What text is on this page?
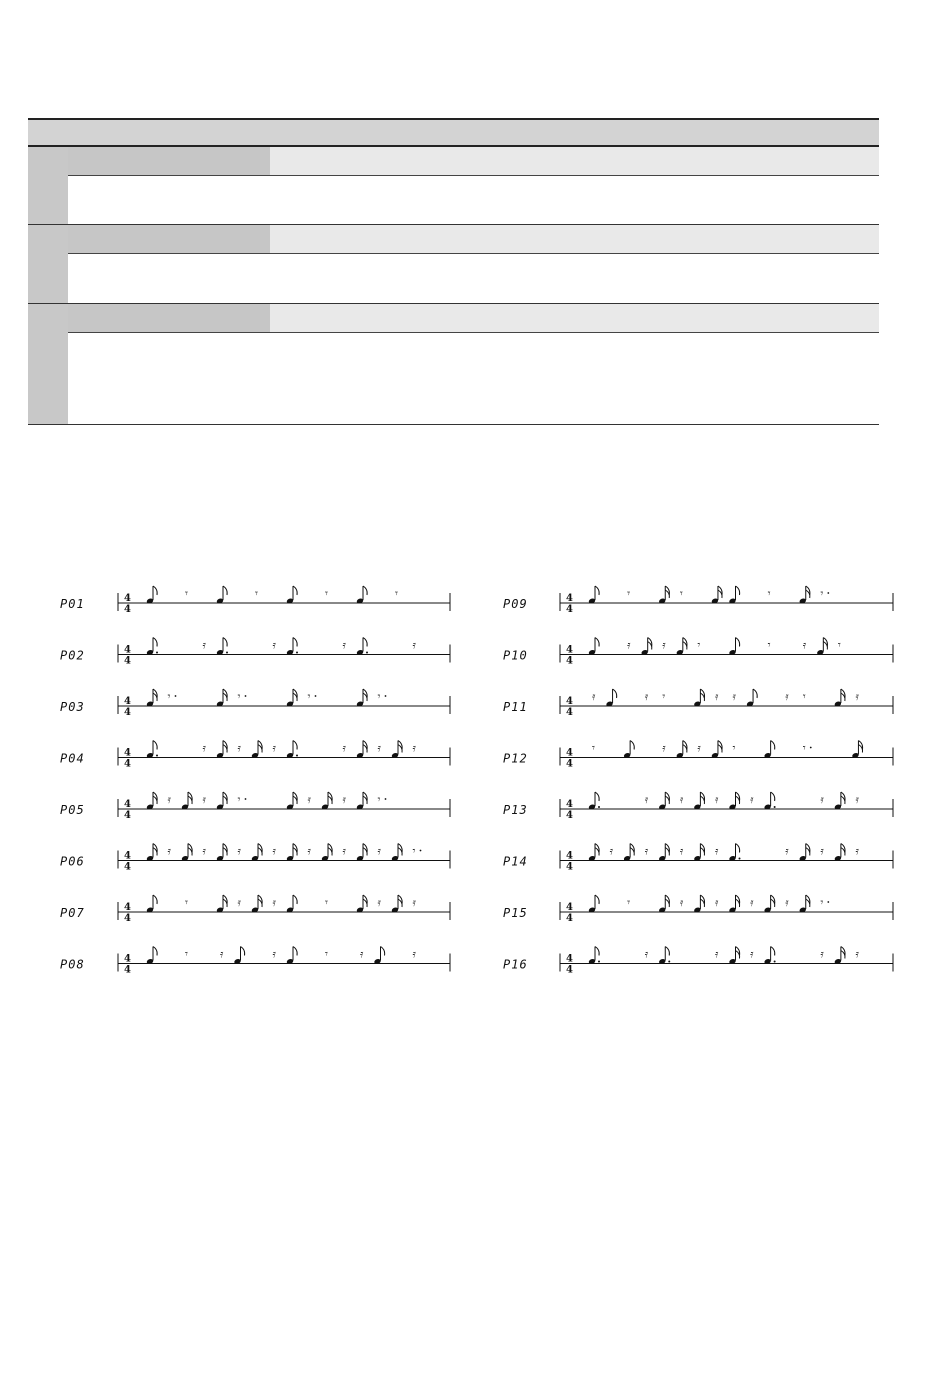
P01	4
4
𝄾	𝄾	𝄾	𝄾
P02	4
4
𝄿	𝄿	𝄿	𝄿
P03	4
4
𝄾	𝄾	𝄾	𝄾
P04	4
4
𝄿	𝄿	𝄿	𝄿	𝄿	𝄿
P05	4
4
𝄿	𝄿	𝄾	𝄿	𝄿	𝄾
P06	4
4
𝄿	𝄿	𝄿	𝄿	𝄿	𝄿	𝄿	𝄾
P07	4
4
𝄾	𝄿	𝄿	𝄾	𝄿	𝄿
P08	4
4
𝄾	𝄿	𝄿	𝄾	𝄿	𝄿
P09	4
4
𝄾	𝄾	𝄾	𝄾
P10	4
4
𝄿	𝄿	𝄾	𝄾	𝄿	𝄾
P11	4
4
𝄿	𝄿 𝄾	𝄿 𝄿	𝄿 𝄾	𝄿
P12	4
4
𝄾	𝄿	𝄿	𝄾	𝄾
P13	4
4
𝄿	𝄿	𝄿	𝄿	𝄿	𝄿
P14	4
4
𝄿	𝄿	𝄿	𝄿	𝄿	𝄿	𝄿
P15	4
4
𝄾	𝄿	𝄿	𝄿	𝄿	𝄾
P16	4
4
𝄿	𝄿	𝄿	𝄿	𝄿
